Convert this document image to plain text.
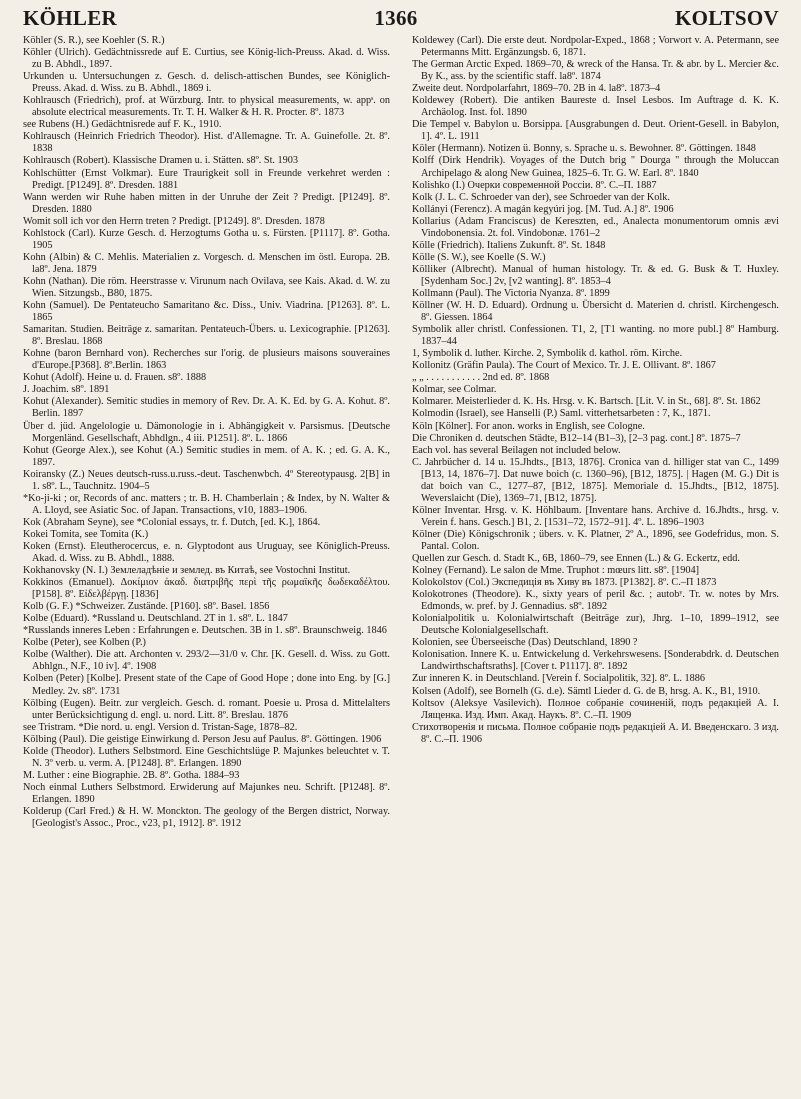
KÖHLER	1366	KOLTSOV

Köhler (S. R.), see Koehler (S. R.)

Köhler (Ulrich). Gedächtnissrede auf E. Curtius, see König-lich-Preuss. Akad. d. Wiss. zu B. Abhdl., 1897.

Urkunden u. Untersuchungen z. Gesch. d. delisch-attischen Bundes, see Königlich-Preuss. Akad. d. Wiss. zu B. Abhdl., 1869 i.

Kohlrausch (Friedrich), prof. at Würzburg. Intr. to physical measurements, w. appˢ. on absolute electrical measurements. Tr. T. H. Walker & H. R. Procter. 8º. 1873

see Rubens (H.) Gedächtnisrede auf F. K., 1910.

Kohlrausch (Heinrich Friedrich Theodor). Hist. d'Allemagne. Tr. A. Guinefolle. 2t. 8º. 1838

Kohlrausch (Robert). Klassische Dramen u. i. Stätten. s8º. St. 1903

Kohlschütter (Ernst Volkmar). Eure Traurigkeit soll in Freunde verkehret werden : Predigt. [P1249]. 8º. Dresden. 1881

Wann werden wir Ruhe haben mitten in der Unruhe der Zeit ? Predigt. [P1249]. 8º. Dresden. 1880

Womit soll ich vor den Herrn treten ? Predigt. [P1249]. 8º. Dresden. 1878

Kohlstock (Carl). Kurze Gesch. d. Herzogtums Gotha u. s. Fürsten. [P1117]. 8º. Gotha. 1905

Kohn (Albin) & C. Mehlis. Materialien z. Vorgesch. d. Menschen im östl. Europa. 2B. la8º. Jena. 1879

Kohn (Nathan). Die röm. Heerstrasse v. Virunum nach Ovilava, see Kais. Akad. d. W. zu Wien. Sitzungsb., B80, 1875.

Kohn (Samuel). De Pentateucho Samaritano &c. Diss., Univ. Viadrina. [P1263]. 8º. L. 1865

Samaritan. Studien. Beiträge z. samaritan. Pentateuch-Übers. u. Lexicographie. [P1263]. 8º. Breslau. 1868

Kohne (baron Bernhard von). Recherches sur l'orig. de plusieurs maisons souveraines d'Europe.[P368]. 8º.Berlin. 1863

Kohut (Adolf). Heine u. d. Frauen. s8º. 1888

J. Joachim. s8º. 1891

Kohut (Alexander). Semitic studies in memory of Rev. Dr. A. K. Ed. by G. A. Kohut. 8º. Berlin. 1897

Über d. jüd. Angelologie u. Dämonologie in i. Abhängigkeit v. Parsismus. [Deutsche Morgenländ. Gesellschaft, Abhdlgn., 4 iii. P1251]. 8º. L. 1866

Kohut (George Alex.), see Kohut (A.) Semitic studies in mem. of A. K. ; ed. G. A. K., 1897.

Koiransky (Z.) Neues deutsch-russ.u.russ.-deut. Taschenwbch. 4º Stereotypausg. 2[B] in 1. s8º. L., Tauchnitz. 1904–5

*Ko-ji-ki ; or, Records of anc. matters ; tr. B. H. Chamberlain ; & Index, by N. Walter & A. Lloyd, see Asiatic Soc. of Japan. Transactions, v10, 1883–1906.

Kok (Abraham Seyne), see *Colonial essays, tr. f. Dutch, [ed. K.], 1864.

Kokei Tomita, see Tomita (K.)

Koken (Ernst). Eleutherocercus, e. n. Glyptodont aus Uruguay, see Königlich-Preuss. Akad. d. Wiss. zu B. Abhdl., 1888.

Kokhanovsky (N. I.) Землеладѣніе и землед. въ Китаѣ, see Vostochni Institut.

Kokkinos (Emanuel). Δοκίμιον ἀκαδ. διατριβῆς περὶ τῆς ρωμαϊκῆς δωδεκαδέλτου. [P158]. 8º. Εἰδελβέργῃ. [1836]

Kolb (G. F.) *Schweizer. Zustände. [P160]. s8º. Basel. 1856

Kolbe (Eduard). *Russland u. Deutschland. 2T in 1. s8º. L. 1847

*Russlands inneres Leben : Erfahrungen e. Deutschen. 3B in 1. s8º. Braunschweig. 1846

Kolbe (Peter), see Kolben (P.)

Kolbe (Walther). Die att. Archonten v. 293/2—31/0 v. Chr. [K. Gesell. d. Wiss. zu Gott. Abhlgn., N.F., 10 iv]. 4º. 1908

Kolben (Peter) [Kolbe]. Present state of the Cape of Good Hope ; done into Eng. by [G.] Medley. 2v. s8º. 1731

Kölbing (Eugen). Beitr. zur vergleich. Gesch. d. romant. Poesie u. Prosa d. Mittelalters unter Berücksichtigung d. engl. u. nord. Litt. 8º. Breslau. 1876

see Tristram. *Die nord. u. engl. Version d. Tristan-Sage, 1878–82.

Kölbing (Paul). Die geistige Einwirkung d. Person Jesu auf Paulus. 8º. Göttingen. 1906

Kolde (Theodor). Luthers Selbstmord. Eine Geschichtslüge P. Majunkes beleuchtet v. T. N. 3º verb. u. verm. A. [P1248]. 8º. Erlangen. 1890

M. Luther : eine Biographie. 2B. 8º. Gotha. 1884–93

Noch einmal Luthers Selbstmord. Erwiderung auf Majunkes neu. Schrift. [P1248]. 8º. Erlangen. 1890

Kolderup (Carl Fred.) & H. W. Monckton. The geology of the Bergen district, Norway. [Geologist's Assoc., Proc., v23, p1, 1912]. 8º. 1912

Koldewey (Carl). Die erste deut. Nordpolar-Exped., 1868 ; Vorwort v. A. Petermann, see Petermanns Mitt. Ergänzungsb. 6, 1871.

The German Arctic Exped. 1869–70, & wreck of the Hansa. Tr. & abr. by L. Mercier &c. By K., ass. by the scientific staff. la8º. 1874

Zweite deut. Nordpolarfahrt, 1869–70. 2B in 4. la8º. 1873–4

Koldewey (Robert). Die antiken Baureste d. Insel Lesbos. Im Auftrage d. K. K. Archäolog. Inst. fol. 1890

Die Tempel v. Babylon u. Borsippa. [Ausgrabungen d. Deut. Orient-Gesell. in Babylon, 1]. 4º. L. 1911

Köler (Hermann). Notizen ü. Bonny, s. Sprache u. s. Bewohner. 8º. Göttingen. 1848

Kolff (Dirk Hendrik). Voyages of the Dutch brig " Dourga " through the Moluccan Archipelago & along New Guinea, 1825–6. Tr. G. W. Earl. 8º. 1840

Kolishko (I.) Очерки современной Россіи. 8º. С.–П. 1887

Kolk (J. L. C. Schroeder van der), see Schroeder van der Kolk.

Kollányi (Ferencz). A magán kegyúri jog. [M. Tud. A.] 8º. 1906

Kollarius (Adam Franciscus) de Kereszten, ed., Analecta monumentorum omnis ævi Vindobonensia. 2t. fol. Vindobonæ. 1761–2

Kölle (Friedrich). Italiens Zukunft. 8º. St. 1848

Kölle (S. W.), see Koelle (S. W.)

Kölliker (Albrecht). Manual of human histology. Tr. & ed. G. Busk & T. Huxley. [Sydenham Soc.] 2v, [v2 wanting]. 8º. 1853–4

Kollmann (Paul). The Victoria Nyanza. 8º. 1899

Köllner (W. H. D. Eduard). Ordnung u. Übersicht d. Materien d. christl. Kirchengesch. 8º. Giessen. 1864

Symbolik aller christl. Confessionen. T1, 2, [T1 wanting. no more publ.] 8º Hamburg. 1837–44

1, Symbolik d. luther. Kirche. 2, Symbolik d. kathol. röm. Kirche.

Kollonitz (Gräfin Paula). The Court of Mexico. Tr. J. E. Ollivant. 8º. 1867

„ „ . . . . . . . . . . . 2nd ed. 8º. 1868

Kolmar, see Colmar.

Kolmarer. Meisterlieder d. K. Hs. Hrsg. v. K. Bartsch. [Lit. V. in St., 68]. 8º. St. 1862

Kolmodin (Israel), see Hanselli (P.) Saml. vitterhetsarbeten : 7, K., 1871.

Köln [Kölner]. For anon. works in English, see Cologne.

Die Chroniken d. deutschen Städte, B12–14 (B1–3), [2–3 pag. cont.] 8º. 1875–7

Each vol. has several Beilagen not included below.

C. Jahrbücher d. 14 u. 15.Jhdts., [B13, 1876]. Cronica van d. hilliger stat van C., 1499 [B13, 14, 1876–7]. Dat nuwe boich (c. 1360–96), [B12, 1875]. | Hagen (M. G.) Dit is dat boich van C., 1277–87, [B12, 1875]. Memoriale d. 15.Jhdts., [B12, 1875]. Weverslaicht (Die), 1369–71, [B12, 1875].

Kölner Inventar. Hrsg. v. K. Höhlbaum. [Inventare hans. Archive d. 16.Jhdts., hrsg. v. Verein f. hans. Gesch.] B1, 2. [1531–72, 1572–91]. 4º. L. 1896–1903

Kölner (Die) Königschronik ; übers. v. K. Platner, 2º A., 1896, see Godefridus, mon. S. Pantal. Colon.

Quellen zur Gesch. d. Stadt K., 6B, 1860–79, see Ennen (L.) & G. Eckertz, edd.

Kolney (Fernand). Le salon de Mme. Truphot : mœurs litt. s8º. [1904]

Kolokolstov (Col.) Экспедиція въ Хиву въ 1873. [P1382]. 8º. С.–П 1873

Kolokotrones (Theodore). K., sixty years of peril &c. ; autobʸ. Tr. w. notes by Mrs. Edmonds, w. pref. by J. Gennadius. s8º. 1892

Kolonialpolitik u. Kolonialwirtschaft (Beiträge zur), Jhrg. 1–10, 1899–1912, see Deutsche Kolonialgesellschaft.

Kolonien, see Überseeische (Das) Deutschland, 1890 ?

Kolonisation. Innere K. u. Entwickelung d. Verkehrswesens. [Sonderabdrk. d. Deutschen Landwirthschaftsraths]. [Cover t. P1117]. 8º. 1892

Zur inneren K. in Deutschland. [Verein f. Socialpolitik, 32]. 8º. L. 1886

Kolsen (Adolf), see Bornelh (G. d.e). Sämtl Lieder d. G. de B, hrsg. A. K., B1, 1910.

Koltsov (Aleksye Vasilevich). Полное собраніе сочиненій, подъ редакціей А. I. Лященка. Изд. Имп. Акад. Наукъ. 8º. С.–П. 1909

Стихотворенія и письма. Полное собраніе подъ редакціей А. И. Введенскаго. 3 изд. 8º. С.–П. 1906
